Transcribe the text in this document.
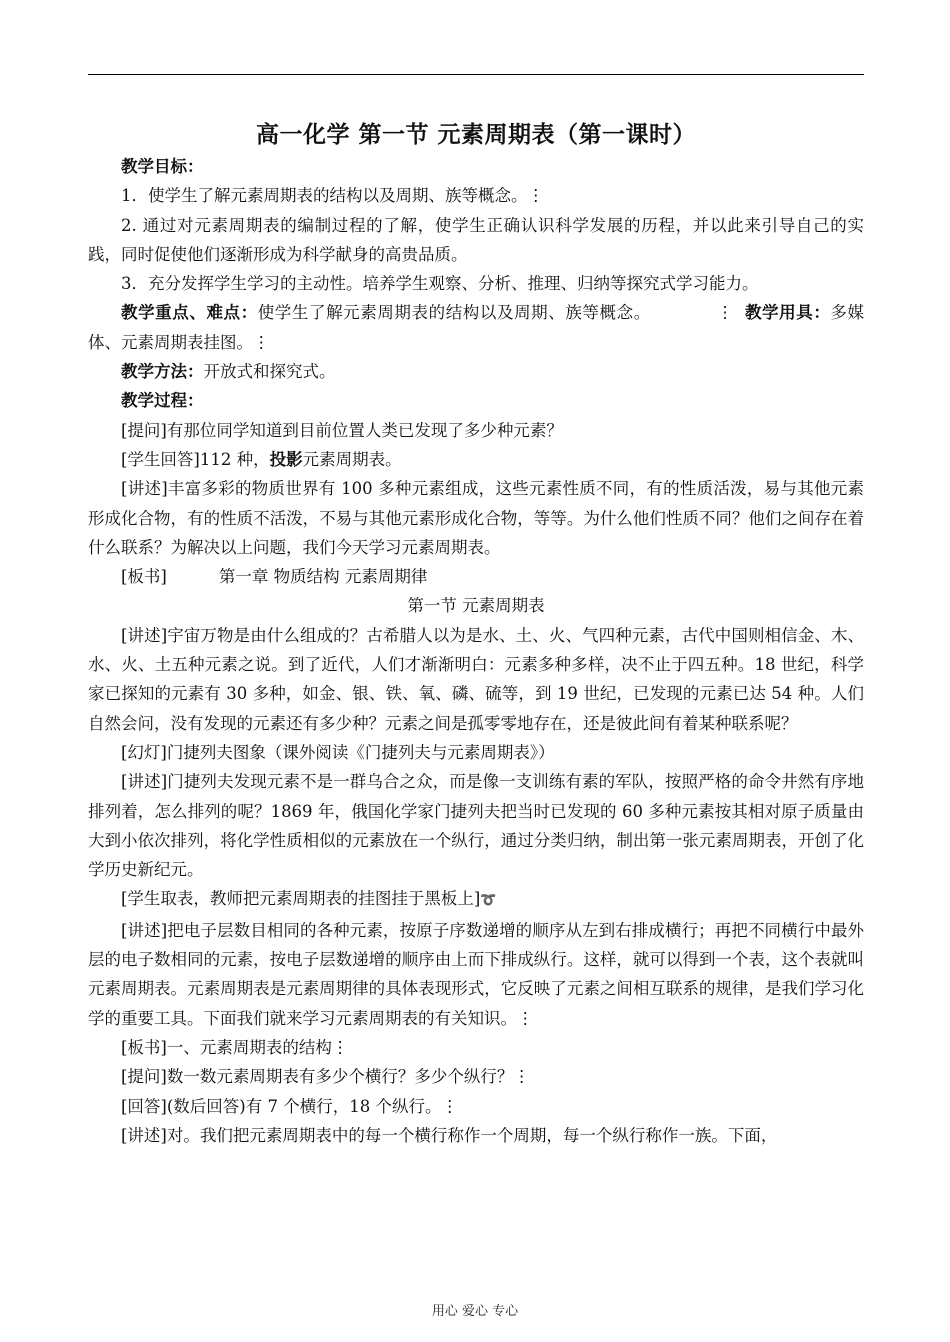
高一化学 第一节 元素周期表（第一课时）

教学目标：

1．使学生了解元素周期表的结构以及周期、族等概念。⋮

2. 通过对元素周期表的编制过程的了解，使学生正确认识科学发展的历程，并以此来引导自己的实践，同时促使他们逐渐形成为科学献身的高贵品质。

3．充分发挥学生学习的主动性。培养学生观察、分析、推理、归纳等探究式学习能力。

教学重点、难点：使学生了解元素周期表的结构以及周期、族等概念。	⋮ 教学用具：多媒体、元素周期表挂图。⋮

教学方法：开放式和探究式。

教学过程：

[提问]有那位同学知道到目前位置人类已发现了多少种元素？

[学生回答]112 种，投影元素周期表。

[讲述]丰富多彩的物质世界有 100 多种元素组成，这些元素性质不同，有的性质活泼，易与其他元素形成化合物，有的性质不活泼，不易与其他元素形成化合物，等等。为什么他们性质不同？他们之间存在着什么联系？为解决以上问题，我们今天学习元素周期表。

[板书]	第一章 物质结构 元素周期律

第一节 元素周期表

[讲述]宇宙万物是由什么组成的？古希腊人以为是水、土、火、气四种元素，古代中国则相信金、木、水、火、土五种元素之说。到了近代，人们才渐渐明白：元素多种多样，决不止于四五种。18 世纪，科学家已探知的元素有 30 多种，如金、银、铁、氧、磷、硫等，到 19 世纪，已发现的元素已达 54 种。人们自然会问，没有发现的元素还有多少种？元素之间是孤零零地存在，还是彼此间有着某种联系呢？

[幻灯]门捷列夫图象（课外阅读《门捷列夫与元素周期表》）

[讲述]门捷列夫发现元素不是一群乌合之众，而是像一支训练有素的军队，按照严格的命令井然有序地排列着，怎么排列的呢？1869 年，俄国化学家门捷列夫把当时已发现的 60 多种元素按其相对原子质量由大到小依次排列，将化学性质相似的元素放在一个纵行，通过分类归纳，制出第一张元素周期表，开创了化学历史新纪元。

[学生取表，教师把元素周期表的挂图挂于黑板上]➰

[讲述]把电子层数目相同的各种元素，按原子序数递增的顺序从左到右排成横行；再把不同横行中最外层的电子数相同的元素，按电子层数递增的顺序由上而下排成纵行。这样，就可以得到一个表，这个表就叫元素周期表。元素周期表是元素周期律的具体表现形式，它反映了元素之间相互联系的规律，是我们学习化学的重要工具。下面我们就来学习元素周期表的有关知识。⋮

[板书]一、元素周期表的结构⋮

[提问]数一数元素周期表有多少个横行？多少个纵行？⋮

[回答](数后回答)有 7 个横行，18 个纵行。⋮

[讲述]对。我们把元素周期表中的每一个横行称作一个周期，每一个纵行称作一族。下面，

用心 爱心 专心
